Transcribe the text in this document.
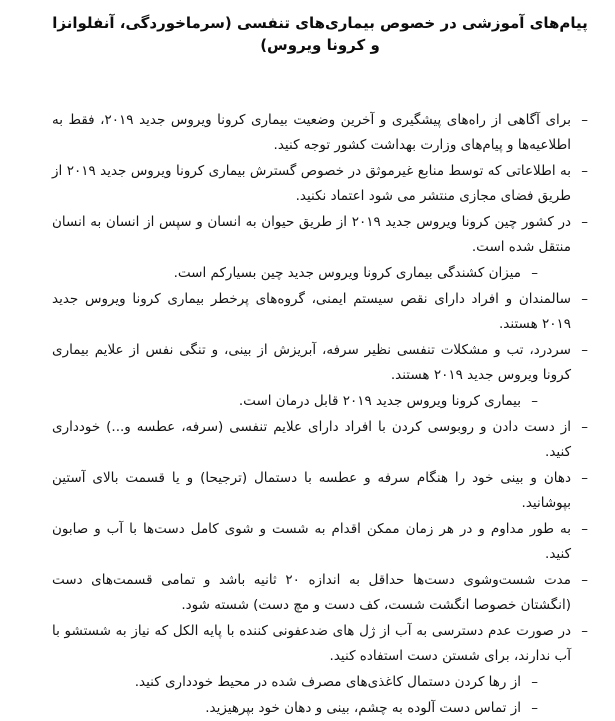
پیام‌های آموزشی در خصوص بیماری‌های تنفسی (سرماخوردگی، آنفلوانزا و کرونا ویروس)
–
برای آگاهی از راه‌های پیشگیری و آخرین وضعیت بیماری کرونا ویروس جدید ۲۰۱۹، فقط به اطلاعیه‌ها و پیام‌های وزارت بهداشت کشور توجه کنید.
–
به اطلاعاتی که توسط منابع غیرموثق در خصوص گسترش بیماری کرونا ویروس جدید ۲۰۱۹ از طریق فضای مجازی منتشر می شود اعتماد نکنید.
–
در کشور چین کرونا ویروس جدید ۲۰۱۹ از طریق حیوان به انسان و سپس از انسان به انسان منتقل شده است.
–
میزان کشندگی بیماری کرونا ویروس جدید چین بسیارکم است.
–
سالمندان و افراد دارای نقص سیستم ایمنی، گروه‌های پرخطر بیماری کرونا ویروس جدید ۲۰۱۹ هستند.
–
سردرد، تب و مشکلات تنفسی نظیر سرفه، آبریزش از بینی، و تنگی نفس از علایم بیماری کرونا ویروس جدید ۲۰۱۹ هستند.
–
بیماری کرونا ویروس جدید ۲۰۱۹ قابل درمان است.
–
از دست دادن و روبوسی کردن با افراد دارای علایم تنفسی (سرفه، عطسه و...) خودداری کنید.
–
دهان و بینی خود را هنگام سرفه و عطسه با دستمال (ترجیحا) و یا قسمت بالای آستین بپوشانید.
–
به طور مداوم و در هر زمان ممکن اقدام به شست و شوی کامل دست‌ها با آب و صابون کنید.
–
مدت شست‌وشوی دست‌ها حداقل به اندازه ۲۰ ثانیه باشد و تمامی قسمت‌های دست (انگشتان خصوصا انگشت شست، کف دست و مچ دست) شسته شود.
–
در صورت عدم دسترسی به آب از ژل های ضدعفونی کننده با پایه الکل که نیاز به شستشو با آب ندارند، برای شستن دست استفاده کنید.
–
از رها کردن دستمال کاغذی‌های مصرف شده در محیط خودداری کنید.
–
از تماس دست آلوده به چشم، بینی و دهان خود بپرهیزید.
